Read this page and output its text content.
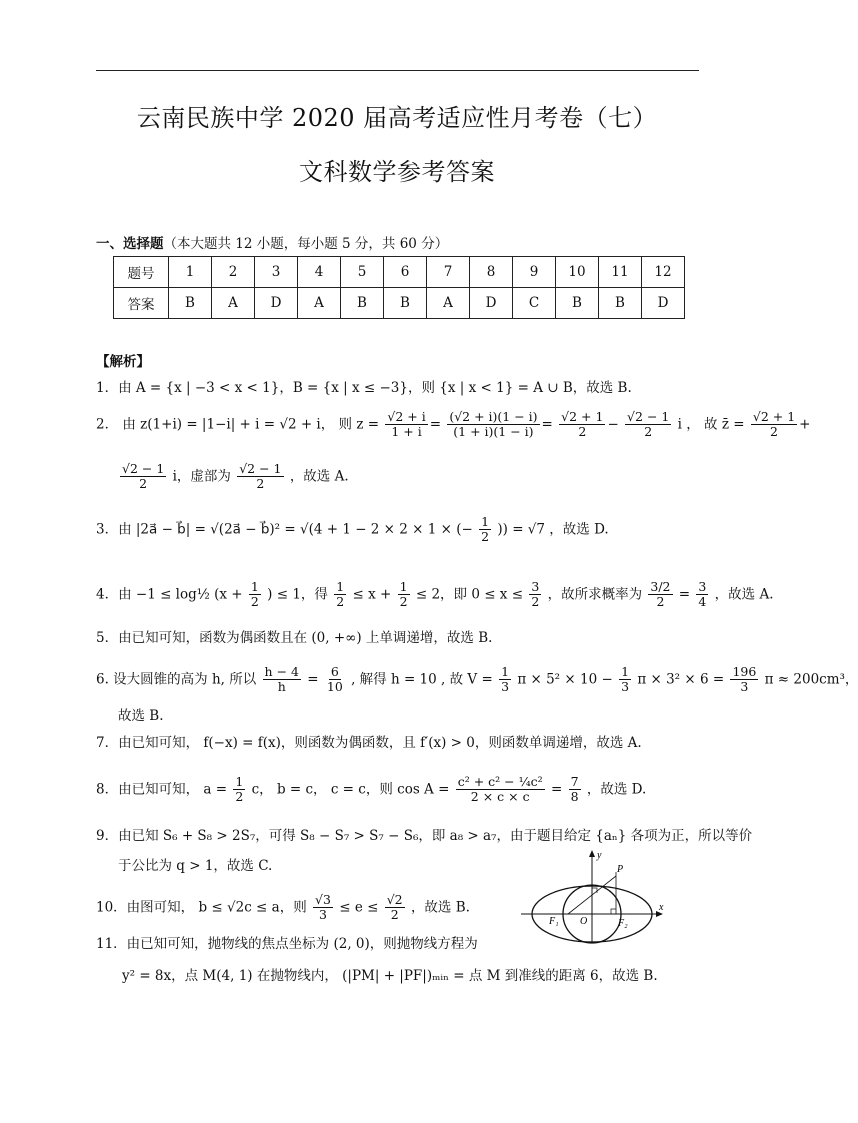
云南民族中学 2020 届高考适应性月考卷（七）
文科数学参考答案
一、选择题（本大题共 12 小题，每小题 5 分，共 60 分）
题号	1	2	3	4	5	6	7	8	9	10	11	12
答案	B	A	D	A	B	B	A	D	C	B	B	D
【解析】
1．由 A = {x | −3 < x < 1}，B = {x | x ≤ −3}，则 {x | x < 1} = A ∪ B，故选 B.
2． 由 z(1+i) = |1−i| + i = √2 + i， 则 $z = \frac{√2 + i}{1 + i} = \frac{(√2 + i)(1 - i)}{(1 + i)(1 - i)} = \frac{√2 + 1}{2} - \frac{√2 - 1}{2}$ i ， 故 z̄ = $\frac{√2 + 1}{2}$ +
$\frac{√2 - 1}{2}$ i，虚部为 $\frac{√2 - 1}{2}$ ，故选 A.
3．由 |2a⃗ − b⃗| = √(2a⃗ − b⃗)² = √(4 + 1 − 2 × 2 × 1 × (− $\frac{1}{2}$ )) = √7 ，故选 D.
4．由 −1 ≤ log½ ($x + \frac{1}{2}$ ) ≤ 1，得 $\frac{1}{2} \le x + \frac{1}{2} \le 2$，即 $0 \le x \le \frac{3}{2}$ ，故所求概率为 $\frac{3/2}{2} = \frac{3}{4}$ ，故选 A.
5．由已知可知，函数为偶函数且在 (0, +∞) 上单调递增，故选 B.
6. 设大圆锥的高为 h, 所以 $\frac{h - 4}{h} = \frac{6}{10}$ , 解得 h = 10 , 故 $V = \frac{1}{3}$ $\pi \times 5^2 \times 10 - \frac{1}{3}$ $\pi \times 3^2 \times 6 = \frac{196}{3}$ π ≈ 200cm³，
故选 B.
7．由已知可知， f(−x) = f(x)，则函数为偶函数，且 f′(x) > 0，则函数单调递增，故选 A.
8．由已知可知， $a = \frac{1}{2}$ c， b = c， c = c，则 $\cos A = \frac{\text{c² + c² − ¼c²}}{2 \times c \times c} = \frac{7}{8}$ ，故选 D.
9．由已知 S₆ + S₈ > 2S₇，可得 S₈ − S₇ > S₇ − S₆，即 a₈ > a₇，由于题目给定 {aₙ} 各项为正，所以等价
于公比为 q > 1，故选 C.
10．由图可知， b ≤ √2c ≤ a，则 $\frac{√3}{3} \le e \le \frac{√2}{2}$ ，故选 B.
11．由已知可知，抛物线的焦点坐标为 (2, 0)，则抛物线方程为
y² = 8x，点 M(4, 1) 在抛物线内， (|PM| + |PF|)ₘᵢₙ = 点 M 到准线的距离 6，故选 B.
y
x
P
O
F₁	F₂
